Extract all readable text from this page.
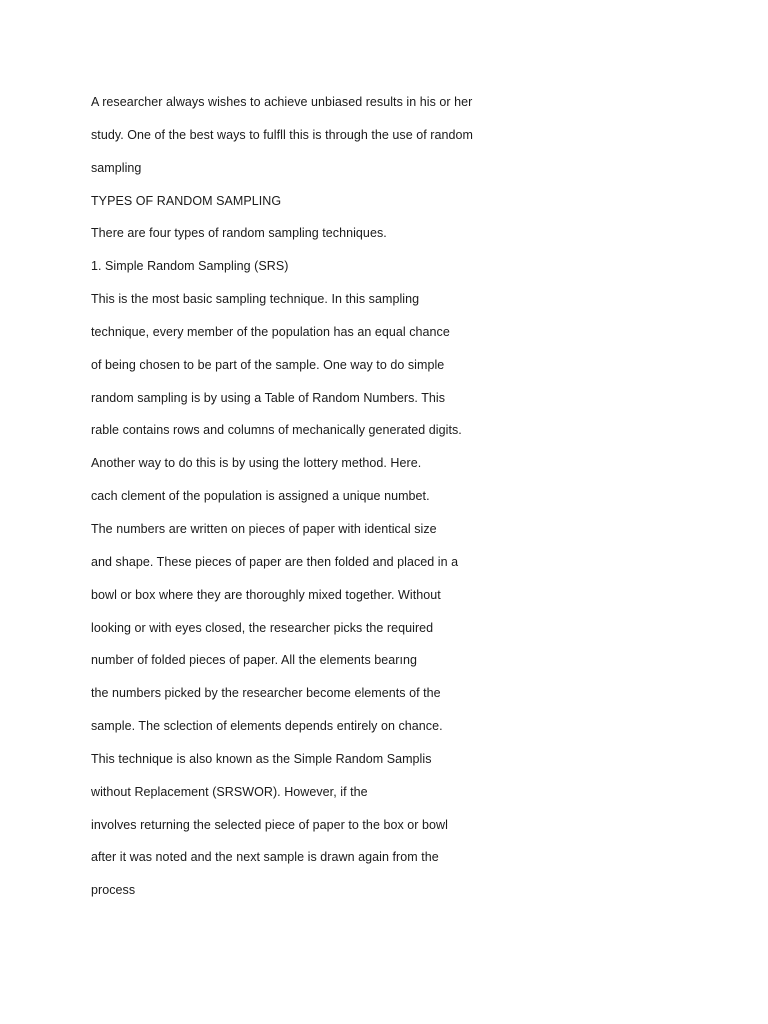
A researcher always wishes to achieve unbiased results in his or her
study. One of the best ways to fulfll this is through the use of random
sampling
TYPES OF RANDOM SAMPLING
There are four types of random sampling techniques.
1. Simple Random Sampling (SRS)
This is the most basic sampling technique. In this sampling
technique, every member of the population has an equal chance
of being chosen to be part of the sample. One way to do simple
random sampling is by using a Table of Random Numbers. This
rable contains rows and columns of mechanically generated digits.
Another way to do this is by using the lottery method. Here.
cach clement of the population is assigned a unique numbet.
The numbers are written on pieces of paper with identical size
and shape. These pieces of paper are then folded and placed in a
bowl or box where they are thoroughly mixed together. Without
looking or with eyes closed, the researcher picks the required
number of folded pieces of paper. All the elements bearıng
the numbers picked by the researcher become elements of the
sample. The sclection of elements depends entirely on chance.
This technique is also known as the Simple Random Samplis
without Replacement (SRSWOR). However, if the
involves returning the selected piece of paper to the box or bowl
after it was noted and the next sample is drawn again from the
process
